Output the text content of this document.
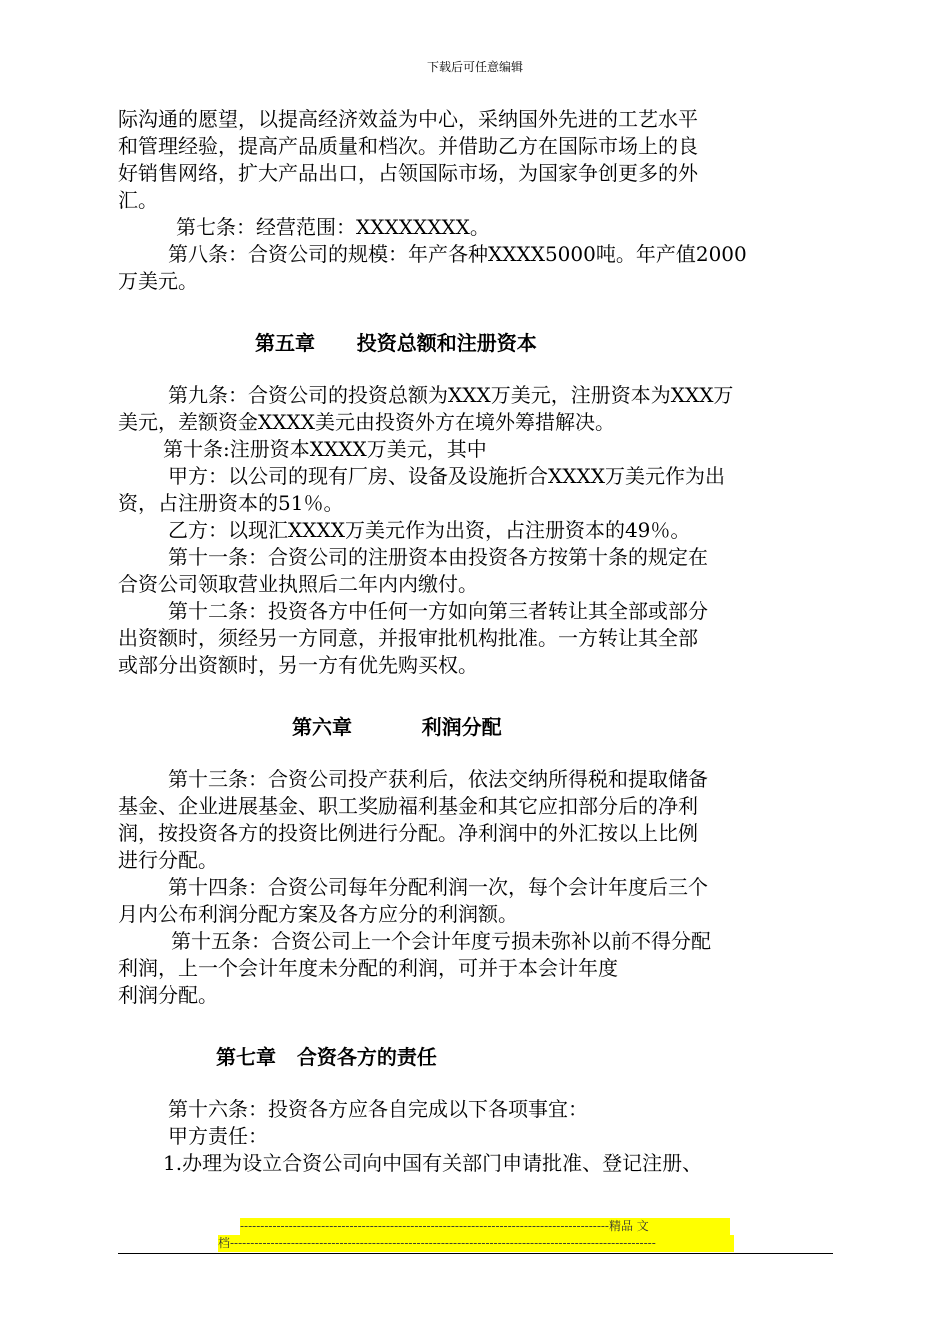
下载后可任意编辑
际沟通的愿望，以提高经济效益为中心，采纳国外先进的工艺水平
和管理经验，提高产品质量和档次。并借助乙方在国际市场上的良
好销售网络，扩大产品出口，占领国际市场，为国家争创更多的外
汇。
第七条：经营范围：XXXXXXXX。
第八条：合资公司的规模：年产各种XXXX5000吨。年产值2000
万美元。
第五章      投资总额和注册资本
第九条：合资公司的投资总额为XXX万美元，注册资本为XXX万
美元，差额资金XXXX美元由投资外方在境外筹措解决。
第十条:注册资本XXXX万美元，其中
甲方：以公司的现有厂房、设备及设施折合XXXX万美元作为出
资，占注册资本的51％。
乙方：以现汇XXXX万美元作为出资，占注册资本的49％。
第十一条：合资公司的注册资本由投资各方按第十条的规定在
合资公司领取营业执照后二年内内缴付。
第十二条：投资各方中任何一方如向第三者转让其全部或部分
出资额时，须经另一方同意，并报审批机构批准。一方转让其全部
或部分出资额时，另一方有优先购买权。
第六章          利润分配
第十三条：合资公司投产获利后，依法交纳所得税和提取储备
基金、企业进展基金、职工奖励福利基金和其它应扣部分后的净利
润，按投资各方的投资比例进行分配。净利润中的外汇按以上比例
进行分配。
第十四条：合资公司每年分配利润一次，每个会计年度后三个
月内公布利润分配方案及各方应分的利润额。
第十五条：合资公司上一个会计年度亏损未弥补以前不得分配
利润，上一个会计年度未分配的利润，可并于本会计年度
利润分配。
第七章   合资各方的责任
第十六条：投资各方应各自完成以下各项事宜：
甲方责任：
1.办理为设立合资公司向中国有关部门申请批准、登记注册、
-------------------------------------------------------------------------------------------精品 文
档---------------------------------------------------------------------------------------------------------
